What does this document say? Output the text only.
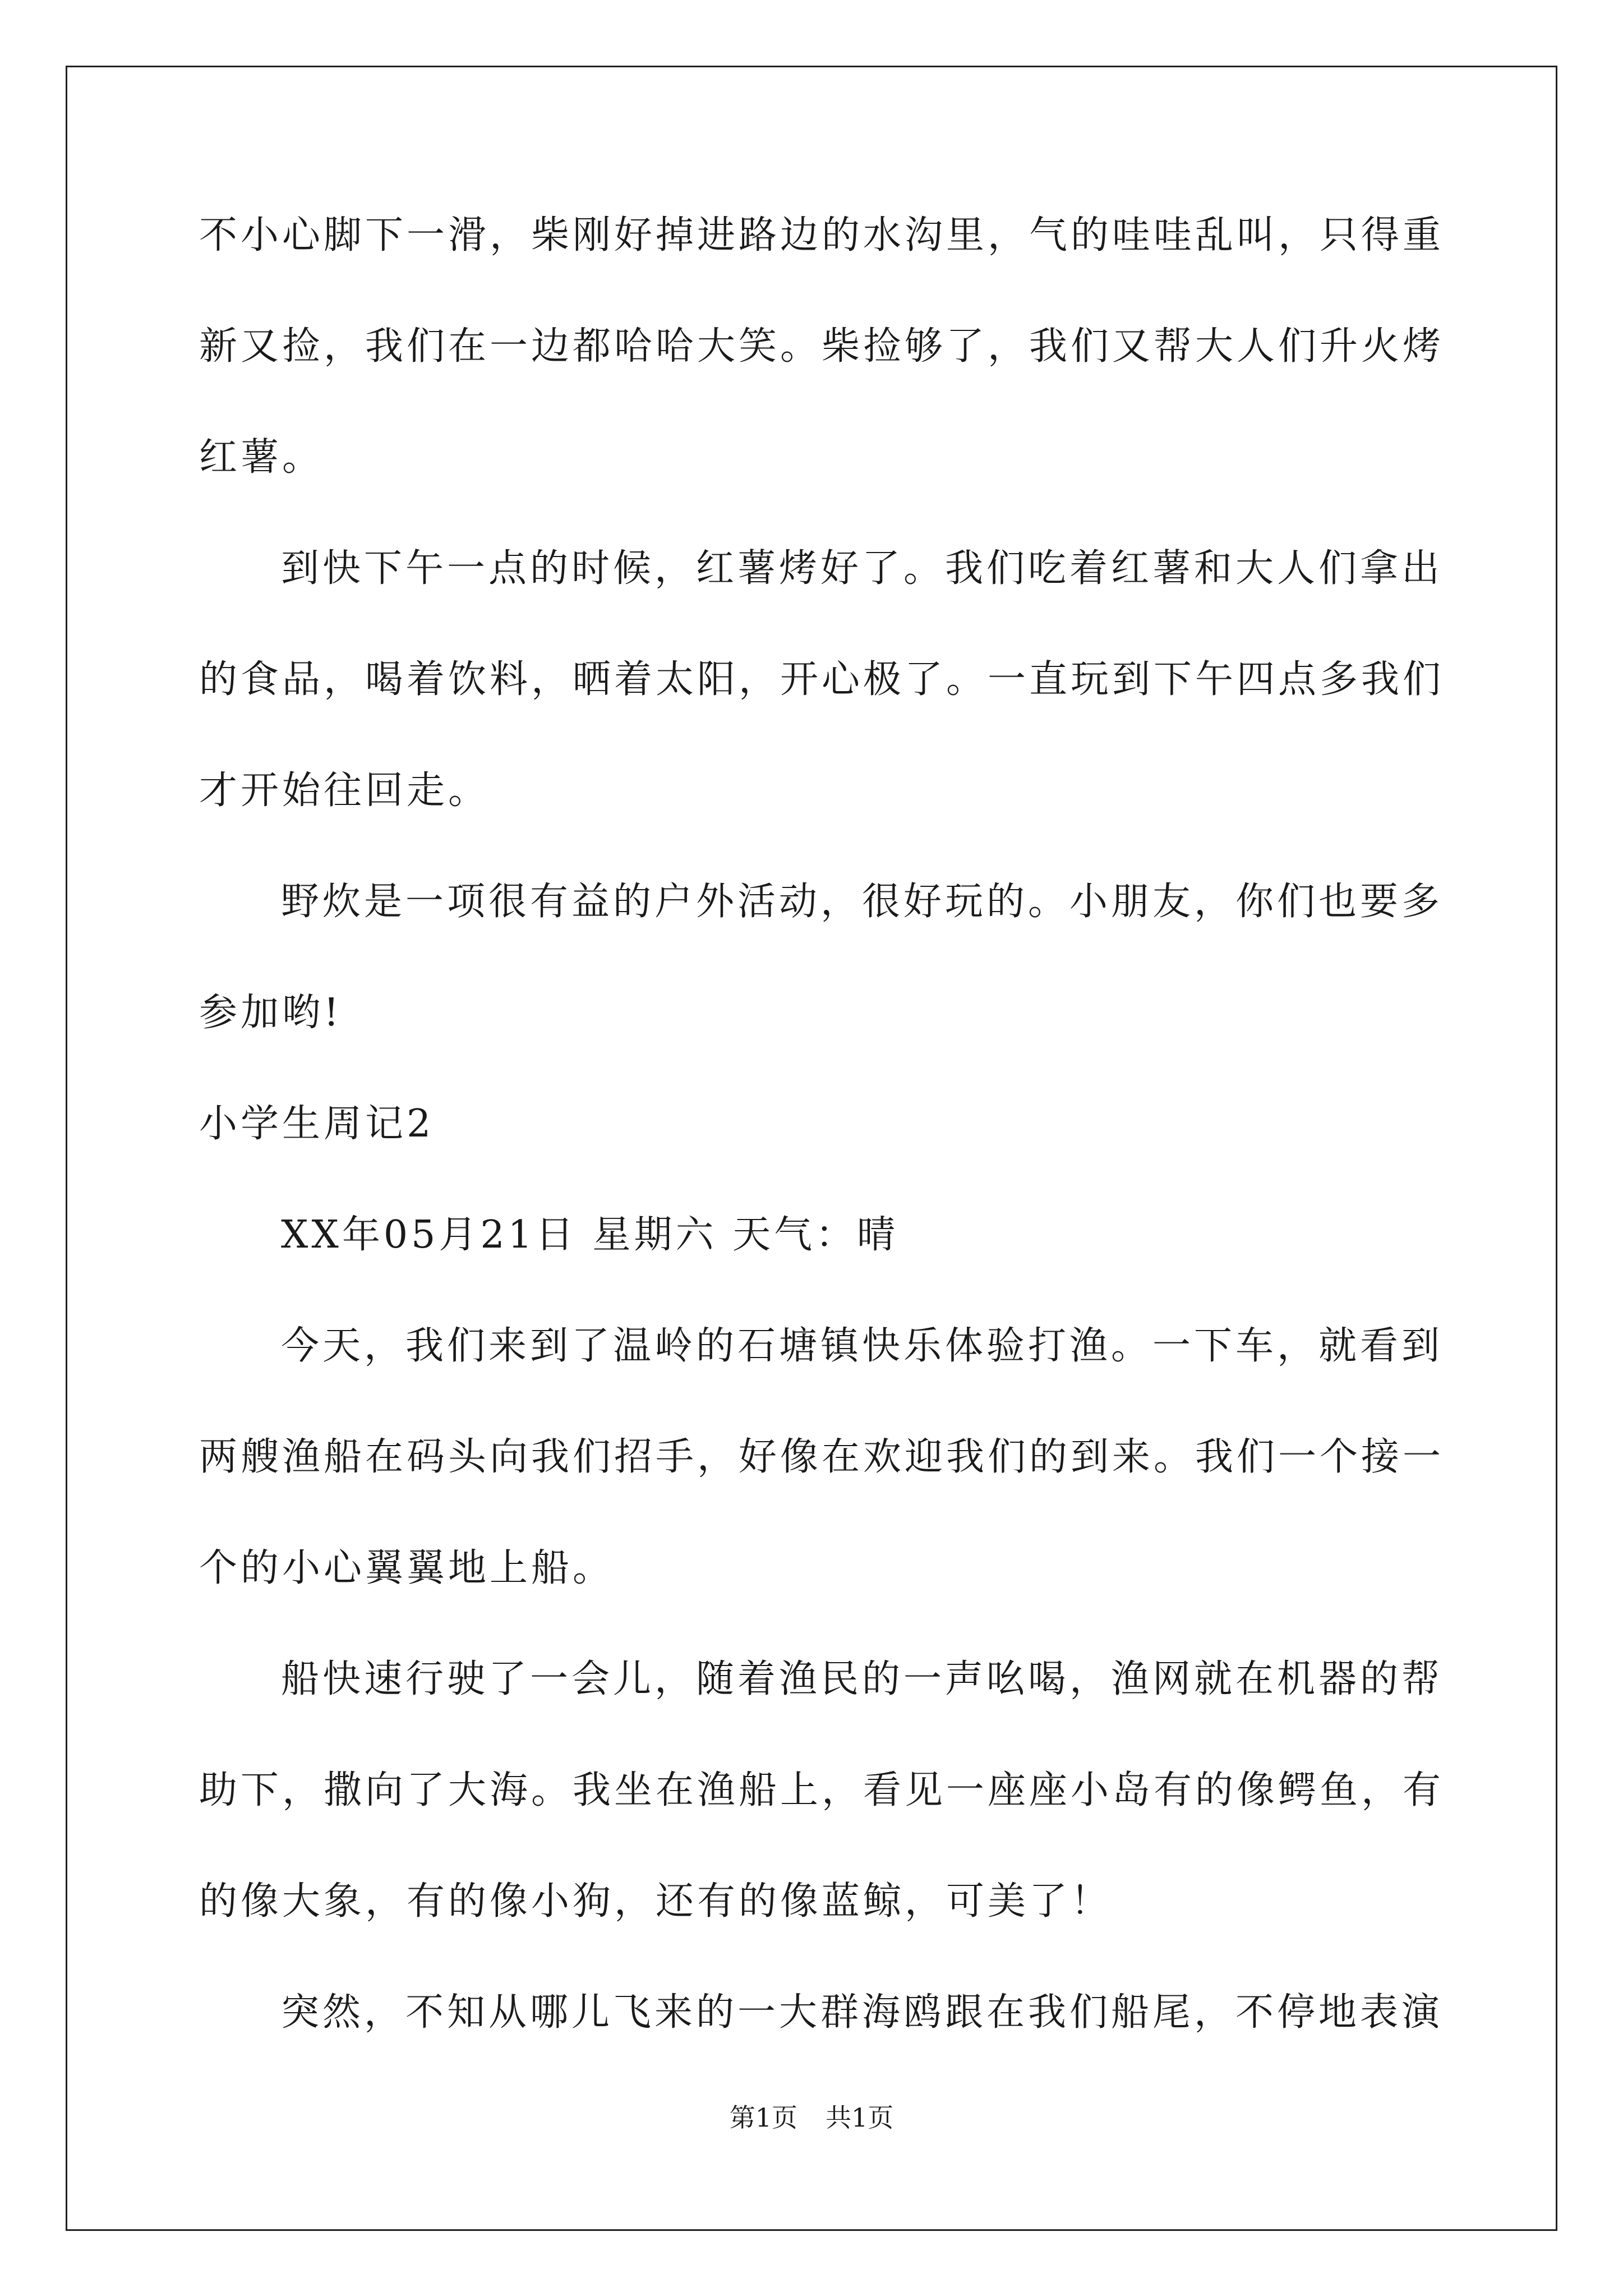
不小心脚下一滑，柴刚好掉进路边的水沟里，气的哇哇乱叫，只得重
新又捡，我们在一边都哈哈大笑。柴捡够了，我们又帮大人们升火烤
红薯。
到快下午一点的时候，红薯烤好了。我们吃着红薯和大人们拿出
的食品，喝着饮料，晒着太阳，开心极了。一直玩到下午四点多我们
才开始往回走。
野炊是一项很有益的户外活动，很好玩的。小朋友，你们也要多
参加哟!
小学生周记2
XX年05月21日 星期六 天气：晴
今天，我们来到了温岭的石塘镇快乐体验打渔。一下车，就看到
两艘渔船在码头向我们招手，好像在欢迎我们的到来。我们一个接一
个的小心翼翼地上船。
船快速行驶了一会儿，随着渔民的一声吆喝，渔网就在机器的帮
助下，撒向了大海。我坐在渔船上，看见一座座小岛有的像鳄鱼，有
的像大象，有的像小狗，还有的像蓝鲸，可美了！
突然，不知从哪儿飞来的一大群海鸥跟在我们船尾，不停地表演
第1页 共1页
